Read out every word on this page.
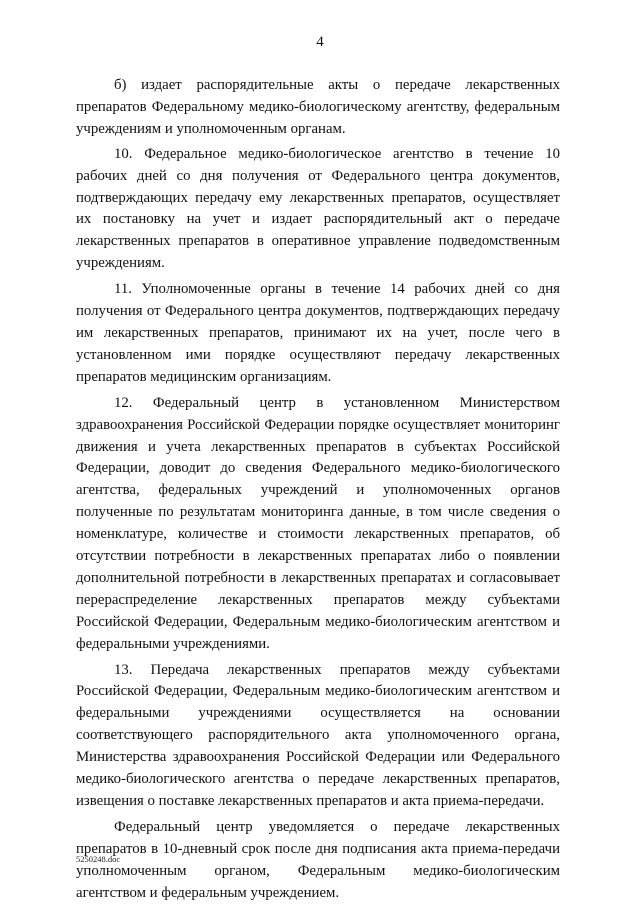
4

б) издает распорядительные акты о передаче лекарственных препаратов Федеральному медико-биологическому агентству, федеральным учреждениям и уполномоченным органам.

10. Федеральное медико-биологическое агентство в течение 10 рабочих дней со дня получения от Федерального центра документов, подтверждающих передачу ему лекарственных препаратов, осуществляет их постановку на учет и издает распорядительный акт о передаче лекарственных препаратов в оперативное управление подведомственным учреждениям.

11. Уполномоченные органы в течение 14 рабочих дней со дня получения от Федерального центра документов, подтверждающих передачу им лекарственных препаратов, принимают их на учет, после чего в установленном ими порядке осуществляют передачу лекарственных препаратов медицинским организациям.

12. Федеральный центр в установленном Министерством здравоохранения Российской Федерации порядке осуществляет мониторинг движения и учета лекарственных препаратов в субъектах Российской Федерации, доводит до сведения Федерального медико-биологического агентства, федеральных учреждений и уполномоченных органов полученные по результатам мониторинга данные, в том числе сведения о номенклатуре, количестве и стоимости лекарственных препаратов, об отсутствии потребности в лекарственных препаратах либо о появлении дополнительной потребности в лекарственных препаратах и согласовывает перераспределение лекарственных препаратов между субъектами Российской Федерации, Федеральным медико-биологическим агентством и федеральными учреждениями.

13. Передача лекарственных препаратов между субъектами Российской Федерации, Федеральным медико-биологическим агентством и федеральными учреждениями осуществляется на основании соответствующего распорядительного акта уполномоченного органа, Министерства здравоохранения Российской Федерации или Федерального медико-биологического агентства о передаче лекарственных препаратов, извещения о поставке лекарственных препаратов и акта приема-передачи.

Федеральный центр уведомляется о передаче лекарственных препаратов в 10-дневный срок после дня подписания акта приема-передачи уполномоченным органом, Федеральным медико-биологическим агентством и федеральным учреждением.

5250248.doc
